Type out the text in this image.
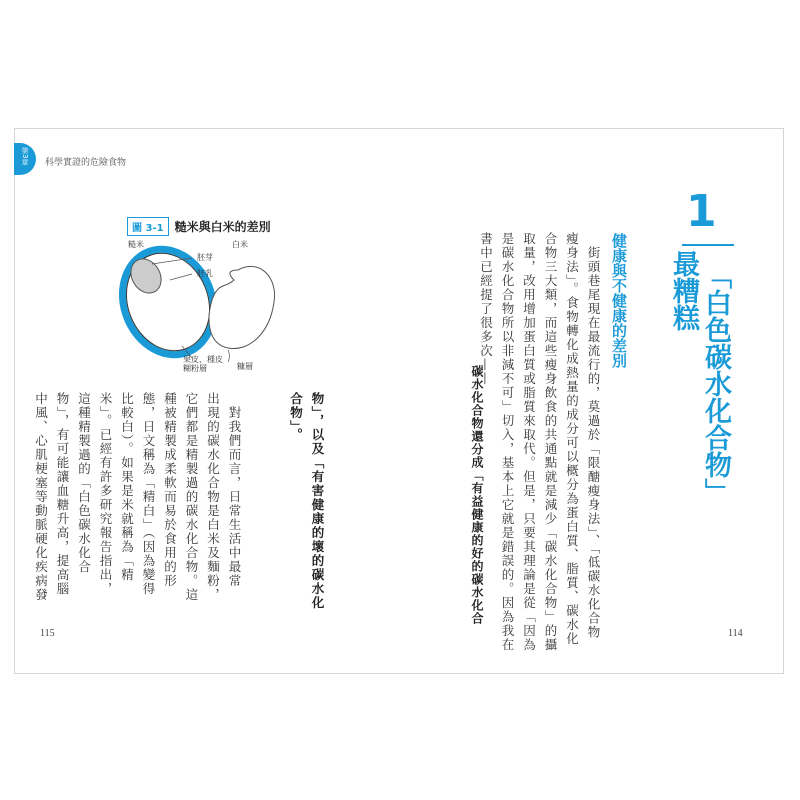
第3章	科學實證的危險食物
圖 3-1 糙米與白米的差別
糙米	白米
胚芽
胚乳
果皮、種皮
糊粉層	糠層
物」，以及「有害健康的壞的碳水化
合物」。
　對我們而言，日常生活中最常
出現的碳水化合物是白米及麵粉，
它們都是精製過的碳水化合物。這
種被精製成柔軟而易於食用的形
態，日文稱為「精白」（因為變得
比較白）。如果是米就稱為「精
米」。已經有許多研究報告指出，
這種精製過的「白色碳水化合
物」，有可能讓血糖升高，提高腦
中風、心肌梗塞等動脈硬化疾病發
115
1
「白色碳水化合物」
最糟糕
健康與不健康的差別
　街頭巷尾現在最流行的，莫過於「限醣瘦身法」、「低碳水化合物
瘦身法」。食物轉化成熱量的成分可以概分為蛋白質、脂質、碳水化
合物三大類，而這些瘦身飲食的共通點就是減少「碳水化合物」的攝
取量，改用增加蛋白質或脂質來取代。但是，只要其理論是從「因為
是碳水化合物所以非減不可」切入，基本上它就是錯誤的。因為我在
書中已經提了很多次——
碳水化合物還分成「有益健康的好的碳水化合
114
